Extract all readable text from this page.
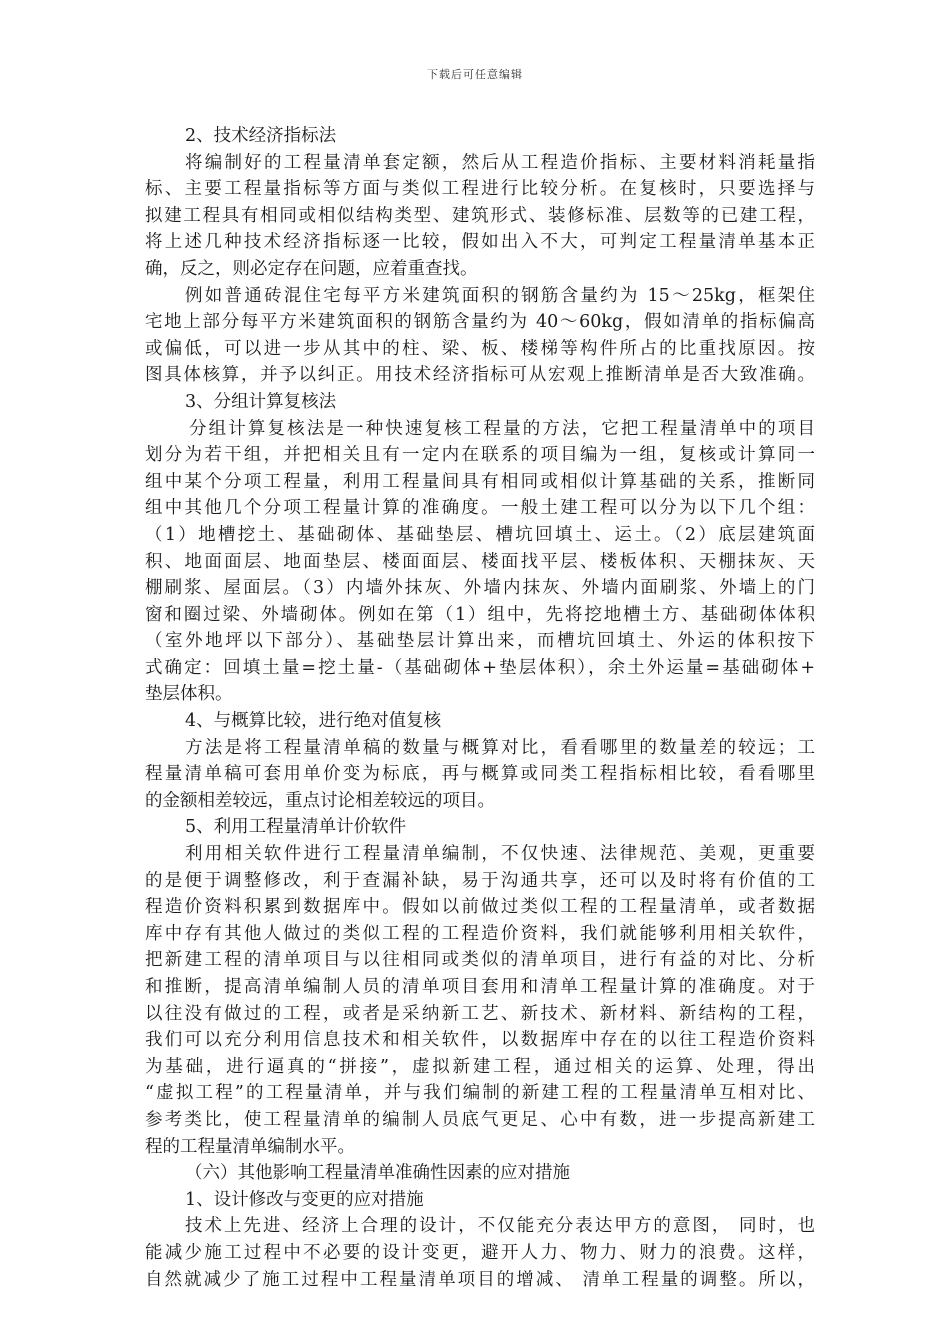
下载后可任意编辑
2、技术经济指标法
将编制好的工程量清单套定额，然后从工程造价指标、主要材料消耗量指
标、主要工程量指标等方面与类似工程进行比较分析。在复核时，只要选择与
拟建工程具有相同或相似结构类型、建筑形式、装修标准、层数等的已建工程，
将上述几种技术经济指标逐一比较，假如出入不大，可判定工程量清单基本正
确，反之，则必定存在问题，应着重查找。
例如普通砖混住宅每平方米建筑面积的钢筋含量约为 15～25kg，框架住
宅地上部分每平方米建筑面积的钢筋含量约为 40～60kg，假如清单的指标偏高
或偏低，可以进一步从其中的柱、梁、板、楼梯等构件所占的比重找原因。按
图具体核算，并予以纠正。用技术经济指标可从宏观上推断清单是否大致准确。
3、分组计算复核法
分组计算复核法是一种快速复核工程量的方法，它把工程量清单中的项目
划分为若干组，并把相关且有一定内在联系的项目编为一组，复核或计算同一
组中某个分项工程量，利用工程量间具有相同或相似计算基础的关系，推断同
组中其他几个分项工程量计算的准确度。一般土建工程可以分为以下几个组：
（1）地槽挖土、基础砌体、基础垫层、槽坑回填土、运土。（2）底层建筑面
积、地面面层、地面垫层、楼面面层、楼面找平层、楼板体积、天棚抹灰、天
棚刷浆、屋面层。（3）内墙外抹灰、外墙内抹灰、外墙内面刷浆、外墙上的门
窗和圈过梁、外墙砌体。例如在第（1）组中，先将挖地槽土方、基础砌体体积
（室外地坪以下部分）、基础垫层计算出来，而槽坑回填土、外运的体积按下
式确定：回填土量=挖土量-（基础砌体+垫层体积），余土外运量=基础砌体+
垫层体积。
4、与概算比较，进行绝对值复核
方法是将工程量清单稿的数量与概算对比，看看哪里的数量差的较远；工
程量清单稿可套用单价变为标底，再与概算或同类工程指标相比较，看看哪里
的金额相差较远，重点讨论相差较远的项目。
5、利用工程量清单计价软件
利用相关软件进行工程量清单编制，不仅快速、法律规范、美观，更重要
的是便于调整修改，利于查漏补缺，易于沟通共享，还可以及时将有价值的工
程造价资料积累到数据库中。假如以前做过类似工程的工程量清单，或者数据
库中存有其他人做过的类似工程的工程造价资料，我们就能够利用相关软件，
把新建工程的清单项目与以往相同或类似的清单项目，进行有益的对比、分析
和推断，提高清单编制人员的清单项目套用和清单工程量计算的准确度。对于
以往没有做过的工程，或者是采纳新工艺、新技术、新材料、新结构的工程，
我们可以充分利用信息技术和相关软件，以数据库中存在的以往工程造价资料
为基础，进行逼真的“拼接”，虚拟新建工程，通过相关的运算、处理，得出
“虚拟工程”的工程量清单，并与我们编制的新建工程的工程量清单互相对比、
参考类比，使工程量清单的编制人员底气更足、心中有数，进一步提高新建工
程的工程量清单编制水平。
（六）其他影响工程量清单准确性因素的应对措施
1、设计修改与变更的应对措施
技术上先进、经济上合理的设计，不仅能充分表达甲方的意图， 同时，也
能减少施工过程中不必要的设计变更，避开人力、物力、财力的浪费。这样，
自然就减少了施工过程中工程量清单项目的增减、 清单工程量的调整。所以，
